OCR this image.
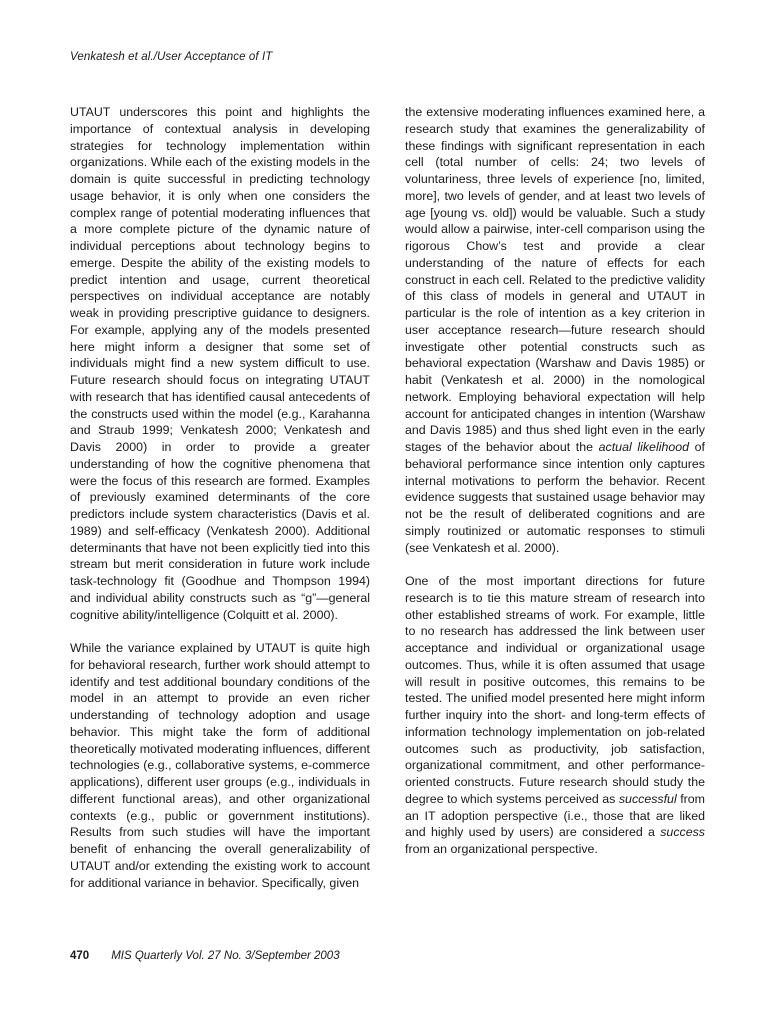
Venkatesh et al./User Acceptance of IT

UTAUT underscores this point and highlights the importance of contextual analysis in developing strategies for technology implementation within organizations. While each of the existing models in the domain is quite successful in predicting technology usage behavior, it is only when one considers the complex range of potential moderating influences that a more complete picture of the dynamic nature of individual perceptions about technology begins to emerge. Despite the ability of the existing models to predict intention and usage, current theoretical perspectives on individual acceptance are notably weak in providing prescriptive guidance to designers. For example, applying any of the models presented here might inform a designer that some set of individuals might find a new system difficult to use. Future research should focus on integrating UTAUT with research that has identified causal antecedents of the constructs used within the model (e.g., Karahanna and Straub 1999; Venkatesh 2000; Venkatesh and Davis 2000) in order to provide a greater understanding of how the cognitive phenomena that were the focus of this research are formed. Examples of previously examined determinants of the core predictors include system characteristics (Davis et al. 1989) and self-efficacy (Venkatesh 2000). Additional determinants that have not been explicitly tied into this stream but merit consideration in future work include task-technology fit (Goodhue and Thompson 1994) and individual ability constructs such as “g”—general cognitive ability/intelligence (Colquitt et al. 2000).

While the variance explained by UTAUT is quite high for behavioral research, further work should attempt to identify and test additional boundary conditions of the model in an attempt to provide an even richer understanding of technology adoption and usage behavior. This might take the form of additional theoretically motivated moderating influences, different technologies (e.g., collaborative systems, e-commerce applications), different user groups (e.g., individuals in different functional areas), and other organizational contexts (e.g., public or government institutions). Results from such studies will have the important benefit of enhancing the overall generalizability of UTAUT and/or extending the existing work to account for additional variance in behavior. Specifically, given

the extensive moderating influences examined here, a research study that examines the generalizability of these findings with significant representation in each cell (total number of cells: 24; two levels of voluntariness, three levels of experience [no, limited, more], two levels of gender, and at least two levels of age [young vs. old]) would be valuable. Such a study would allow a pairwise, inter-cell comparison using the rigorous Chow’s test and provide a clear understanding of the nature of effects for each construct in each cell. Related to the predictive validity of this class of models in general and UTAUT in particular is the role of intention as a key criterion in user acceptance research—future research should investigate other potential constructs such as behavioral expectation (Warshaw and Davis 1985) or habit (Venkatesh et al. 2000) in the nomological network. Employing behavioral expectation will help account for anticipated changes in intention (Warshaw and Davis 1985) and thus shed light even in the early stages of the behavior about the actual likelihood of behavioral performance since intention only captures internal motivations to perform the behavior. Recent evidence suggests that sustained usage behavior may not be the result of deliberated cognitions and are simply routinized or automatic responses to stimuli (see Venkatesh et al. 2000).

One of the most important directions for future research is to tie this mature stream of research into other established streams of work. For example, little to no research has addressed the link between user acceptance and individual or organizational usage outcomes. Thus, while it is often assumed that usage will result in positive outcomes, this remains to be tested. The unified model presented here might inform further inquiry into the short- and long-term effects of information technology implementation on job-related outcomes such as productivity, job satisfaction, organizational commitment, and other performance-oriented constructs. Future research should study the degree to which systems perceived as successful from an IT adoption perspective (i.e., those that are liked and highly used by users) are considered a success from an organizational perspective.

470 MIS Quarterly Vol. 27 No. 3/September 2003
